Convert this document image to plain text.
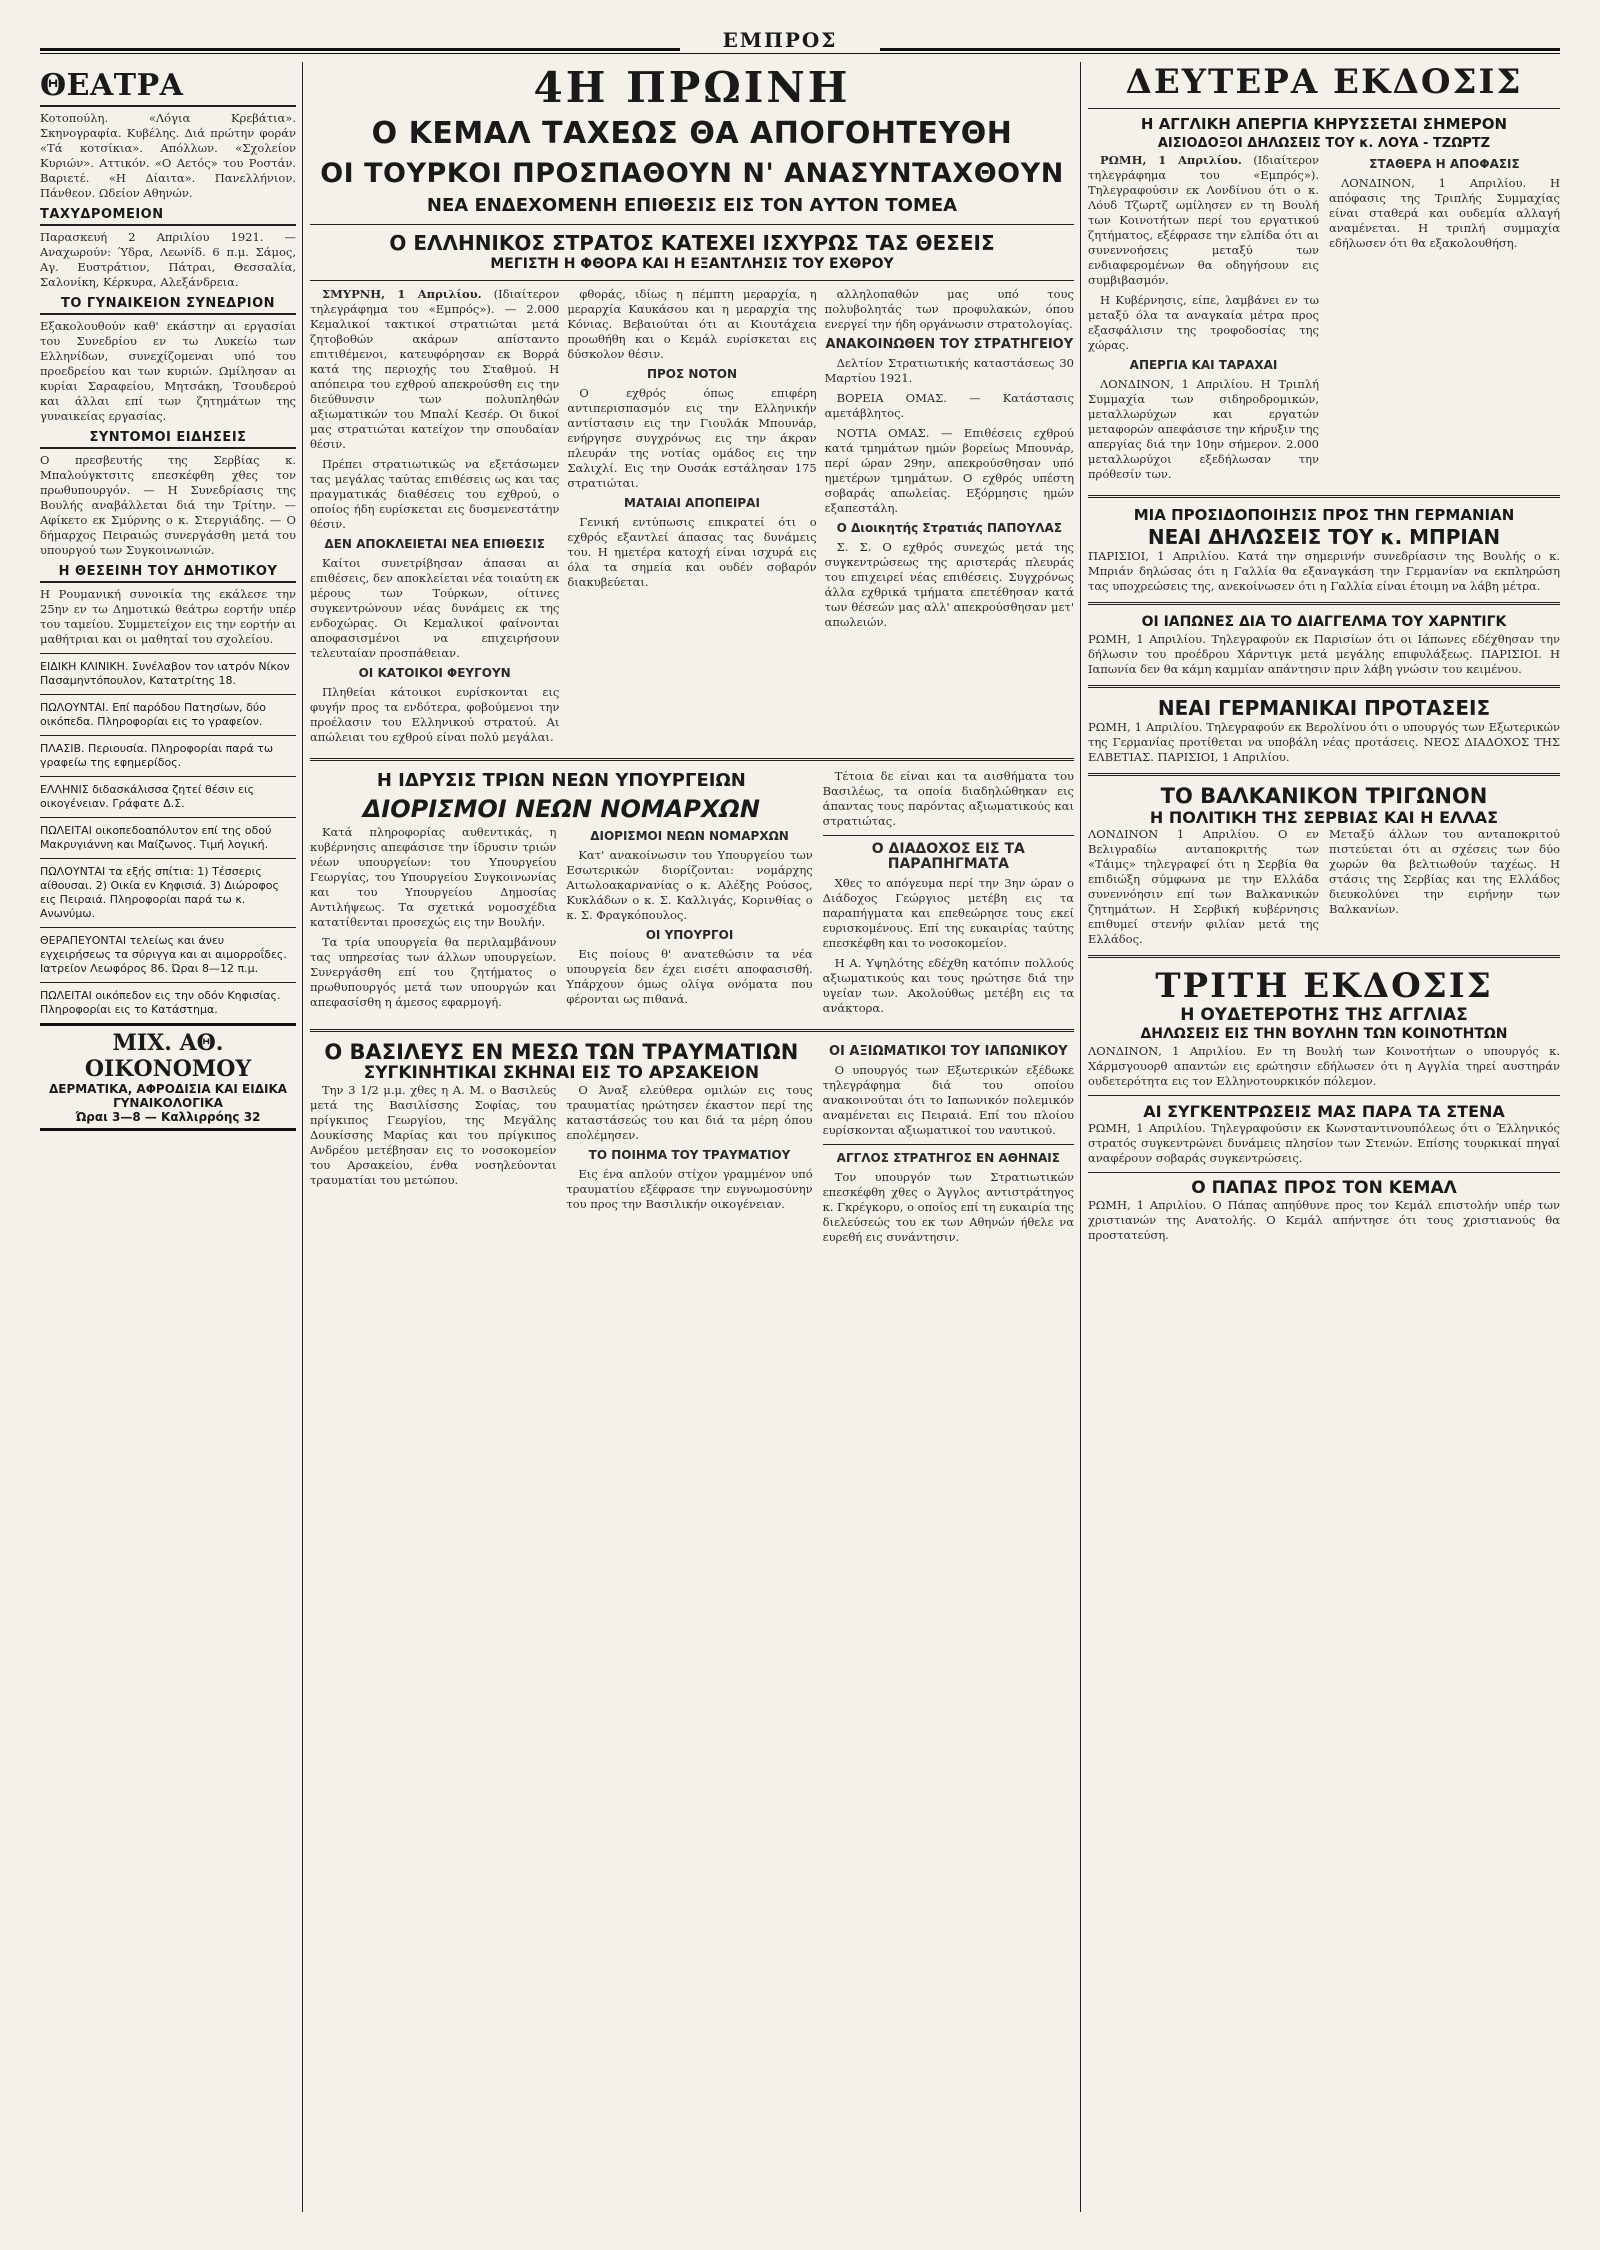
ΕΜΠΡΟΣ
ΘΕΑΤΡΑ
Κοτοπούλη. «Λόγια Κρεβάτια». Σκηνογραφία. Κυβέλης. Διά πρώτην φοράν «Τά κοτσίκια». Απόλλων. «Σχολείον Κυριών». Αττικόν. «Ο Αετός» του Ροστάν. Βαριετέ. «Η Δίαιτα». Πανελλήνιον. Πάνθεον. Ωδείον Αθηνών.
ΤΑΧΥΔΡΟΜΕΙΟΝ
Παρασκευή 2 Απριλίου 1921. — Αναχωρούν: Ύδρα, Λεωνίδ. 6 π.μ. Σάμος, Αγ. Ευστράτιον, Πάτραι, Θεσσαλία, Σαλονίκη, Κέρκυρα, Αλεξάνδρεια.
ΤΟ ΓΥΝΑΙΚΕΙΟΝ ΣΥΝΕΔΡΙΟΝ
Εξακολουθούν καθ' εκάστην αι εργασίαι του Συνεδρίου εν τω Λυκείω των Ελληνίδων, συνεχίζομεναι υπό του προεδρείου και των κυριών. Ωμίλησαν αι κυρίαι Σαραφείου, Μητσάκη, Τσουδερού και άλλαι επί των ζητημάτων της γυναικείας εργασίας.
ΣΥΝΤΟΜΟΙ ΕΙΔΗΣΕΙΣ
Ο πρεσβευτής της Σερβίας κ. Μπαλούγκτσιτς επεσκέφθη χθες τον πρωθυπουργόν. — Η Συνεδρίασις της Βουλής αναβάλλεται διά την Τρίτην. — Αφίκετο εκ Σμύρνης ο κ. Στεργιάδης. — Ο δήμαρχος Πειραιώς συνεργάσθη μετά του υπουργού των Συγκοινωνιών.
Η ΘΕΣΕΙΝΗ ΤΟΥ ΔΗΜΟΤΙΚΟΥ
Η Ρουμανική συνοικία της εκάλεσε την 25ην εν τω Δημοτικώ θεάτρω εορτήν υπέρ του ταμείου. Συμμετείχον εις την εορτήν αι μαθήτριαι και οι μαθηταί του σχολείου.
ΕΙΔΙΚΗ ΚΛΙΝΙΚΗ. Συνέλαβον τον ιατρόν Νίκον Πασαμηντόπουλον, Κατατρίτης 18.
ΠΩΛΟΥΝΤΑΙ. Επί παρόδου Πατησίων, δύο οικόπεδα. Πληροφορίαι εις το γραφείον.
ΠΛΑΣΙΒ. Περιουσία. Πληροφορίαι παρά τω γραφείω της εφημερίδος.
ΕΛΛΗΝΙΣ διδασκάλισσα ζητεί θέσιν εις οικογένειαν. Γράφατε Δ.Σ.
ΠΩΛΕΙΤΑΙ οικοπεδοαπόλυτον επί της οδού Μακρυγιάννη και Μαίζωνος. Τιμή λογική.
ΠΩΛΟΥΝΤΑΙ τα εξής σπίτια: 1) Τέσσερις αίθουσαι. 2) Οικία εν Κηφισιά. 3) Διώροφος εις Πειραιά. Πληροφορίαι παρά τω κ. Ανωνύμω.
ΘΕΡΑΠΕΥΟΝΤΑΙ τελείως και άνευ εγχειρήσεως τα σύριγγα και αι αιμορροΐδες. Ιατρείον Λεωφόρος 86. Ώραι 8—12 π.μ.
ΠΩΛΕΙΤΑΙ οικόπεδον εις την οδόν Κηφισίας. Πληροφορίαι εις το Κατάστημα.
ΜΙΧ. ΑΘ. ΟΙΚΟΝΟΜΟΥ
ΔΕΡΜΑΤΙΚΑ, ΑΦΡΟΔΙΣΙΑ ΚΑΙ ΕΙΔΙΚΑ ΓΥΝΑΙΚΟΛΟΓΙΚΑ
Ώραι 3—8 — Καλλιρρόης 32
4Η ΠΡΩΙΝΗ
Ο ΚΕΜΑΛ ΤΑΧΕΩΣ ΘΑ ΑΠΟΓΟΗΤΕΥΘΗ
ΟΙ ΤΟΥΡΚΟΙ ΠΡΟΣΠΑΘΟΥΝ Ν' ΑΝΑΣΥΝΤΑΧΘΟΥΝ
ΝΕΑ ΕΝΔΕΧΟΜΕΝΗ ΕΠΙΘΕΣΙΣ ΕΙΣ ΤΟΝ ΑΥΤΟΝ ΤΟΜΕΑ
Ο ΕΛΛΗΝΙΚΟΣ ΣΤΡΑΤΟΣ ΚΑΤΕΧΕΙ ΙΣΧΥΡΩΣ ΤΑΣ ΘΕΣΕΙΣ
ΜΕΓΙΣΤΗ Η ΦΘΟΡΑ ΚΑΙ Η ΕΞΑΝΤΛΗΣΙΣ ΤΟΥ ΕΧΘΡΟΥ

ΣΜΥΡΝΗ, 1 Απριλίου. (Ιδιαίτερον τηλεγράφημα του «Εμπρός»). — 2.000 Κεμαλικοί τακτικοί στρατιώται μετά ζητοβοθών ακάρων απίσταντο επιτιθέμενοι, κατευφόρησαν εκ Βορρά κατά της περιοχής του Σταθμού. Η απόπειρα του εχθρού απεκρούσθη εις την διεύθυνσιν των πολυπληθών αξιωματικών του Μπαλί Κεσέρ. Οι δικοί μας στρατιώται κατείχον την σπουδαίαν θέσιν.

Πρέπει στρατιωτικώς να εξετάσωμεν τας μεγάλας ταύτας επιθέσεις ως και τας πραγματικάς διαθέσεις του εχθρού, ο οποίος ήδη ευρίσκεται εις δυσμενεστάτην θέσιν.

ΔΕΝ ΑΠΟΚΛΕΙΕΤΑΙ ΝΕΑ ΕΠΙΘΕΣΙΣ

Καίτοι συνετρίβησαν άπασαι αι επιθέσεις, δεν αποκλείεται νέα τοιαύτη εκ μέρους των Τούρκων, οίτινες συγκεντρώνουν νέας δυνάμεις εκ της ενδοχώρας. Οι Κεμαλικοί φαίνονται αποφασισμένοι να επιχειρήσουν τελευταίαν προσπάθειαν.

ΟΙ ΚΑΤΟΙΚΟΙ ΦΕΥΓΟΥΝ

Πληθείαι κάτοικοι ευρίσκονται εις φυγήν προς τα ενδότερα, φοβούμενοι την προέλασιν του Ελληνικού στρατού. Αι απώλειαι του εχθρού είναι πολύ μεγάλαι.

φθοράς, ιδίως η πέμπτη μεραρχία, η μεραρχία Καυκάσου και η μεραρχία της Κόνιας. Βεβαιούται ότι αι Κιουτάχεια προωθήθη και ο Κεμάλ ευρίσκεται εις δύσκολον θέσιν.

ΠΡΟΣ ΝΟΤΟΝ

Ο εχθρός όπως επιφέρη αντιπερισπασμόν εις την Ελληνικήν αντίστασιν εις την Γιουλάκ Μπουνάρ, ενήργησε συγχρόνως εις την άκραν πλευράν της νοτίας ομάδος εις την Σαλιχλί. Εις την Ουσάκ εστάλησαν 175 στρατιώται.

ΜΑΤΑΙΑΙ ΑΠΟΠΕΙΡΑΙ

Γενική εντύπωσις επικρατεί ότι ο εχθρός εξαντλεί άπασας τας δυνάμεις του. Η ημετέρα κατοχή είναι ισχυρά εις όλα τα σημεία και ουδέν σοβαρόν διακυβεύεται.

αλληλοπαθών μας υπό τους πολυβολητάς των προφυλακών, όπου ενεργεί την ήδη οργάνωσιν στρατολογίας.

ΑΝΑΚΟΙΝΩΘΕΝ ΤΟΥ ΣΤΡΑΤΗΓΕΙΟΥ

Δελτίον Στρατιωτικής καταστάσεως 30 Μαρτίου 1921.

ΒΟΡΕΙΑ ΟΜΑΣ. — Κατάστασις αμετάβλητος.

ΝΟΤΙΑ ΟΜΑΣ. — Επιθέσεις εχθρού κατά τμημάτων ημών βορείως Μπουνάρ, περί ώραν 29ην, απεκρούσθησαν υπό ημετέρων τμημάτων. Ο εχθρός υπέστη σοβαράς απωλείας. Εξόρμησις ημών εξαπεστάλη.

Ο Διοικητής Στρατιάς ΠΑΠΟΥΛΑΣ

Σ. Σ. Ο εχθρός συνεχώς μετά της συγκεντρώσεως της αριστεράς πλευράς του επιχειρεί νέας επιθέσεις. Συγχρόνως άλλα εχθρικά τμήματα επετέθησαν κατά των θέσεών μας αλλ' απεκρούσθησαν μετ' απωλειών.

Η ΙΔΡΥΣΙΣ ΤΡΙΩΝ ΝΕΩΝ ΥΠΟΥΡΓΕΙΩΝ
ΔΙΟΡΙΣΜΟΙ ΝΕΩΝ ΝΟΜΑΡΧΩΝ

Κατά πληροφορίας αυθεντικάς, η κυβέρνησις απεφάσισε την ίδρυσιν τριών νέων υπουργείων: του Υπουργείου Γεωργίας, του Υπουργείου Συγκοινωνίας και του Υπουργείου Δημοσίας Αντιλήψεως. Τα σχετικά νομοσχέδια κατατίθενται προσεχώς εις την Βουλήν.

Τα τρία υπουργεία θα περιλαμβάνουν τας υπηρεσίας των άλλων υπουργείων. Συνεργάσθη επί του ζητήματος ο πρωθυπουργός μετά των υπουργών και απεφασίσθη η άμεσος εφαρμογή.

ΔΙΟΡΙΣΜΟΙ ΝΕΩΝ ΝΟΜΑΡΧΩΝ

Κατ' ανακοίνωσιν του Υπουργείου των Εσωτερικών διορίζονται: νομάρχης Αιτωλοακαρνανίας ο κ. Αλέξης Ρούσος, Κυκλάδων ο κ. Σ. Καλλιγάς, Κορινθίας ο κ. Σ. Φραγκόπουλος.

ΟΙ ΥΠΟΥΡΓΟΙ

Εις ποίους θ' ανατεθώσιν τα νέα υπουργεία δεν έχει εισέτι αποφασισθή. Υπάρχουν όμως ολίγα ονόματα που φέρονται ως πιθανά.

Τέτοια δε είναι και τα αισθήματα του Βασιλέως, τα οποία διαδηλώθηκαν εις άπαντας τους παρόντας αξιωματικούς και στρατιώτας.

Ο ΔΙΑΔΟΧΟΣ ΕΙΣ ΤΑ ΠΑΡΑΠΗΓΜΑΤΑ

Χθες το απόγευμα περί την 3ην ώραν ο Διάδοχος Γεώργιος μετέβη εις τα παραπήγματα και επεθεώρησε τους εκεί ευρισκομένους. Επί της ευκαιρίας ταύτης επεσκέφθη και το νοσοκομείον.

Η Α. Υψηλότης εδέχθη κατόπιν πολλούς αξιωματικούς και τους ηρώτησε διά την υγείαν των. Ακολούθως μετέβη εις τα ανάκτορα.

Ο ΒΑΣΙΛΕΥΣ ΕΝ ΜΕΣΩ ΤΩΝ ΤΡΑΥΜΑΤΙΩΝ
ΣΥΓΚΙΝΗΤΙΚΑΙ ΣΚΗΝΑΙ ΕΙΣ ΤΟ ΑΡΣΑΚΕΙΟΝ

Την 3 1/2 μ.μ. χθες η Α. Μ. ο Βασιλεύς μετά της Βασιλίσσης Σοφίας, του πρίγκιπος Γεωργίου, της Μεγάλης Δουκίσσης Μαρίας και του πρίγκιπος Ανδρέου μετέβησαν εις το νοσοκομείον του Αρσακείου, ένθα νοσηλεύονται τραυματίαι του μετώπου.

Ο Άναξ ελεύθερα ομιλών εις τους τραυματίας ηρώτησεν έκαστον περί της καταστάσεώς του και διά τα μέρη όπου επολέμησεν.

ΤΟ ΠΟΙΗΜΑ ΤΟΥ ΤΡΑΥΜΑΤΙΟΥ

Εις ένα απλούν στίχον γραμμένον υπό τραυματίου εξέφρασε την ευγνωμοσύνην του προς την Βασιλικήν οικογένειαν.

ΟΙ ΑΞΙΩΜΑΤΙΚΟΙ ΤΟΥ ΙΑΠΩΝΙΚΟΥ

Ο υπουργός των Εξωτερικών εξέδωκε τηλεγράφημα διά του οποίου ανακοινούται ότι το Ιαπωνικόν πολεμικόν αναμένεται εις Πειραιά. Επί του πλοίου ευρίσκονται αξιωματικοί του ναυτικού.

ΑΓΓΛΟΣ ΣΤΡΑΤΗΓΟΣ ΕΝ ΑΘΗΝΑΙΣ

Τον υπουργόν των Στρατιωτικών επεσκέφθη χθες ο Άγγλος αντιστράτηγος κ. Γκρέγκορυ, ο οποίος επί τη ευκαιρία της διελεύσεώς του εκ των Αθηνών ήθελε να ευρεθή εις συνάντησιν.

ΔΕΥΤΕΡΑ ΕΚΔΟΣΙΣ
Η ΑΓΓΛΙΚΗ ΑΠΕΡΓΙΑ ΚΗΡΥΣΣΕΤΑΙ ΣΗΜΕΡΟΝ
ΑΙΣΙΟΔΟΞΟΙ ΔΗΛΩΣΕΙΣ ΤΟΥ κ. ΛΟΥΑ - ΤΖΩΡΤΖ

ΡΩΜΗ, 1 Απριλίου. (Ιδιαίτερον τηλεγράφημα του «Εμπρός»). Τηλεγραφούσιν εκ Λονδίνου ότι ο κ. Λόυδ Τζωρτζ ωμίλησεν εν τη Βουλή των Κοινοτήτων περί του εργατικού ζητήματος, εξέφρασε την ελπίδα ότι αι συνεννοήσεις μεταξύ των ενδιαφερομένων θα οδηγήσουν εις συμβιβασμόν.

Η Κυβέρνησις, είπε, λαμβάνει εν τω μεταξύ όλα τα αναγκαία μέτρα προς εξασφάλισιν της τροφοδοσίας της χώρας.

ΑΠΕΡΓΙΑ ΚΑΙ ΤΑΡΑΧΑΙ

ΛΟΝΔΙΝΟΝ, 1 Απριλίου. Η Τριπλή Συμμαχία των σιδηροδρομικών, μεταλλωρύχων και εργατών μεταφορών απεφάσισε την κήρυξιν της απεργίας διά την 10ην σήμερον. 2.000 μεταλλωρύχοι εξεδήλωσαν την πρόθεσίν των.

ΣΤΑΘΕΡΑ Η ΑΠΟΦΑΣΙΣ

ΛΟΝΔΙΝΟΝ, 1 Απριλίου. Η απόφασις της Τριπλής Συμμαχίας είναι σταθερά και ουδεμία αλλαγή αναμένεται. Η τριπλή συμμαχία εδήλωσεν ότι θα εξακολουθήση.

ΜΙΑ ΠΡΟΣΙΔΟΠΟΙΗΣΙΣ ΠΡΟΣ ΤΗΝ ΓΕΡΜΑΝΙΑΝ
ΝΕΑΙ ΔΗΛΩΣΕΙΣ ΤΟΥ κ. ΜΠΡΙΑΝ
ΠΑΡΙΣΙΟΙ, 1 Απριλίου. Κατά την σημερινήν συνεδρίασιν της Βουλής ο κ. Μπριάν δηλώσας ότι η Γαλλία θα εξαναγκάση την Γερμανίαν να εκπληρώση τας υποχρεώσεις της, ανεκοίνωσεν ότι η Γαλλία είναι έτοιμη να λάβη μέτρα.
ΟΙ ΙΑΠΩΝΕΣ ΔΙΑ ΤΟ ΔΙΑΓΓΕΛΜΑ ΤΟΥ ΧΑΡΝΤΙΓΚ
ΡΩΜΗ, 1 Απριλίου. Τηλεγραφούν εκ Παρισίων ότι οι Ιάπωνες εδέχθησαν την δήλωσιν του προέδρου Χάρντιγκ μετά μεγάλης επιφυλάξεως. ΠΑΡΙΣΙΟΙ. Η Ιαπωνία δεν θα κάμη καμμίαν απάντησιν πριν λάβη γνώσιν του κειμένου.
ΝΕΑΙ ΓΕΡΜΑΝΙΚΑΙ ΠΡΟΤΑΣΕΙΣ
ΡΩΜΗ, 1 Απριλίου. Τηλεγραφούν εκ Βερολίνου ότι ο υπουργός των Εξωτερικών της Γερμανίας προτίθεται να υποβάλη νέας προτάσεις. ΝΕΟΣ ΔΙΑΔΟΧΟΣ ΤΗΣ ΕΛΒΕΤΙΑΣ. ΠΑΡΙΣΙΟΙ, 1 Απριλίου.
ΤΟ ΒΑΛΚΑΝΙΚΟΝ ΤΡΙΓΩΝΟΝ
Η ΠΟΛΙΤΙΚΗ ΤΗΣ ΣΕΡΒΙΑΣ ΚΑΙ Η ΕΛΛΑΣ
ΛΟΝΔΙΝΟΝ 1 Απριλίου. Ο εν Βελιγραδίω ανταποκριτής των «Τάιμς» τηλεγραφεί ότι η Σερβία θα επιδιώξη σύμφωνα με την Ελλάδα συνεννόησιν επί των Βαλκανικών ζητημάτων. Η Σερβική κυβέρνησις επιθυμεί στενήν φιλίαν μετά της Ελλάδος.
Μεταξύ άλλων του ανταποκριτού πιστεύεται ότι αι σχέσεις των δύο χωρών θα βελτιωθούν ταχέως. Η στάσις της Σερβίας και της Ελλάδος διευκολύνει την ειρήνην των Βαλκανίων.
ΤΡΙΤΗ ΕΚΔΟΣΙΣ
Η ΟΥΔΕΤΕΡΟΤΗΣ ΤΗΣ ΑΓΓΛΙΑΣ
ΔΗΛΩΣΕΙΣ ΕΙΣ ΤΗΝ ΒΟΥΛΗΝ ΤΩΝ ΚΟΙΝΟΤΗΤΩΝ
ΛΟΝΔΙΝΟΝ, 1 Απριλίου. Εν τη Βουλή των Κοινοτήτων ο υπουργός κ. Χάρμσγουορθ απαντών εις ερώτησιν εδήλωσεν ότι η Αγγλία τηρεί αυστηράν ουδετερότητα εις τον Ελληνοτουρκικόν πόλεμον.
ΑΙ ΣΥΓΚΕΝΤΡΩΣΕΙΣ ΜΑΣ ΠΑΡΑ ΤΑ ΣΤΕΝΑ
ΡΩΜΗ, 1 Απριλίου. Τηλεγραφούσιν εκ Κωνσταντινουπόλεως ότι ο Έλληνικός στρατός συγκεντρώνει δυνάμεις πλησίον των Στενών. Επίσης τουρκικαί πηγαί αναφέρουν σοβαράς συγκεντρώσεις.
Ο ΠΑΠΑΣ ΠΡΟΣ ΤΟΝ ΚΕΜΑΛ
ΡΩΜΗ, 1 Απριλίου. Ο Πάπας απηύθυνε προς τον Κεμάλ επιστολήν υπέρ των χριστιανών της Ανατολής. Ο Κεμάλ απήντησε ότι τους χριστιανούς θα προστατεύση.
